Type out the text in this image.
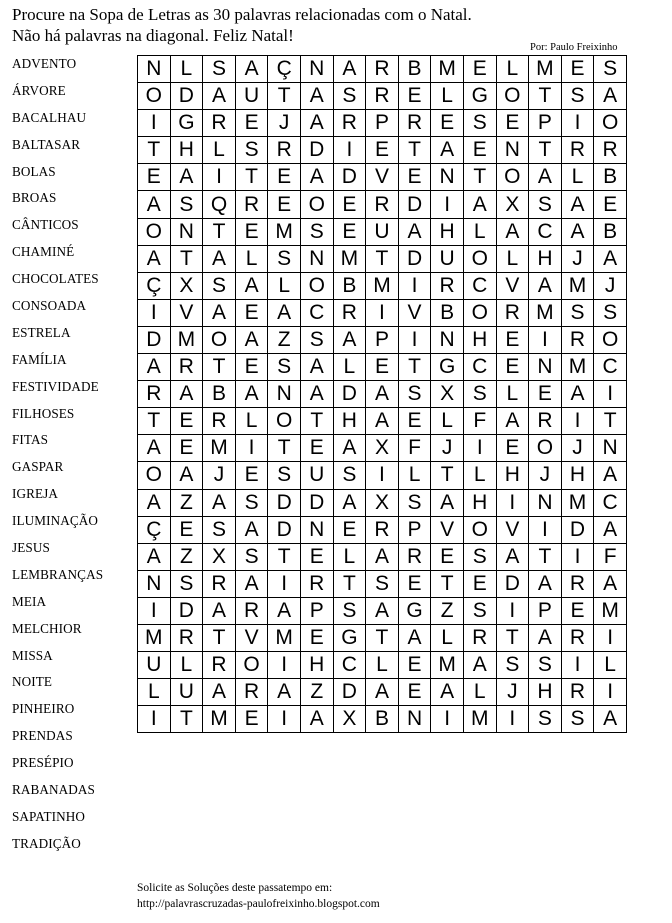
Procure na Sopa de Letras as 30 palavras relacionadas com o Natal.
Não há palavras na diagonal. Feliz Natal!
Por: Paulo Freixinho
ADVENTO
ÁRVORE
BACALHAU
BALTASAR
BOLAS
BROAS
CÂNTICOS
CHAMINÉ
CHOCOLATES
CONSOADA
ESTRELA
FAMÍLIA
FESTIVIDADE
FILHOSES
FITAS
GASPAR
IGREJA
ILUMINAÇÃO
JESUS
LEMBRANÇAS
MEIA
MELCHIOR
MISSA
NOITE
PINHEIRO
PRENDAS
PRESÉPIO
RABANADAS
SAPATINHO
TRADIÇÃO
N	L	S	A	Ç	N	A	R	B	M	E	L	M	E	S
O	D	A	U	T	A	S	R	E	L	G	O	T	S	A
I	G	R	E	J	A	R	P	R	E	S	E	P	I	O
T	H	L	S	R	D	I	E	T	A	E	N	T	R	R
E	A	I	T	E	A	D	V	E	N	T	O	A	L	B
A	S	Q	R	E	O	E	R	D	I	A	X	S	A	E
O	N	T	E	M	S	E	U	A	H	L	A	C	A	B
A	T	A	L	S	N	M	T	D	U	O	L	H	J	A
Ç	X	S	A	L	O	B	M	I	R	C	V	A	M	J
I	V	A	E	A	C	R	I	V	B	O	R	M	S	S
D	M	O	A	Z	S	A	P	I	N	H	E	I	R	O
A	R	T	E	S	A	L	E	T	G	C	E	N	M	C
R	A	B	A	N	A	D	A	S	X	S	L	E	A	I
T	E	R	L	O	T	H	A	E	L	F	A	R	I	T
A	E	M	I	T	E	A	X	F	J	I	E	O	J	N
O	A	J	E	S	U	S	I	L	T	L	H	J	H	A
A	Z	A	S	D	D	A	X	S	A	H	I	N	M	C
Ç	E	S	A	D	N	E	R	P	V	O	V	I	D	A
A	Z	X	S	T	E	L	A	R	E	S	A	T	I	F
N	S	R	A	I	R	T	S	E	T	E	D	A	R	A
I	D	A	R	A	P	S	A	G	Z	S	I	P	E	M
M	R	T	V	M	E	G	T	A	L	R	T	A	R	I
U	L	R	O	I	H	C	L	E	M	A	S	S	I	L
L	U	A	R	A	Z	D	A	E	A	L	J	H	R	I
I	T	M	E	I	A	X	B	N	I	M	I	S	S	A
Solicite as Soluções deste passatempo em:
http://palavrascruzadas-paulofreixinho.blogspot.com
